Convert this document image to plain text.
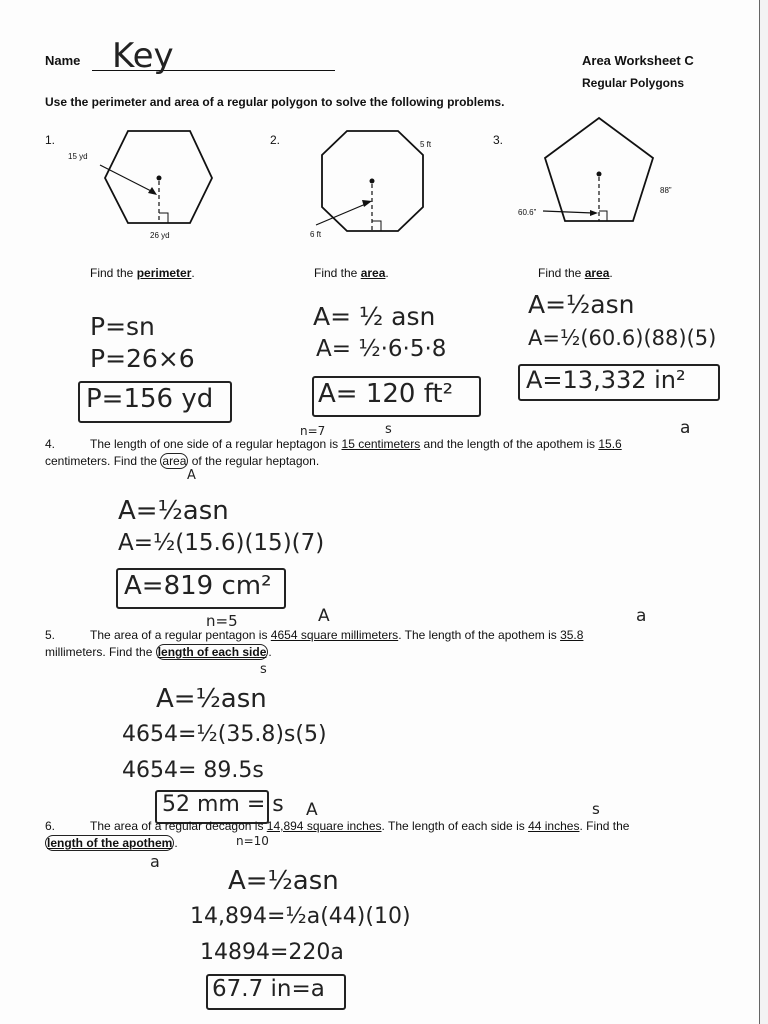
Name Key	Area Worksheet C
Regular Polygons
Use the perimeter and area of a regular polygon to solve the following problems.
1.	2.	3.
15 yd
26 yd
5 ft
6 ft
60.6”
88”
Find the perimeter.	Find the area.	Find the area.
P=sn
P=26×6
P=156 yd
A= ½ asn
A= ½·6·5·8
A= 120 ft²
A=½asn
A=½(60.6)(88)(5)
A=13,332 in²
n=7	s	a
4.	The length of one side of a regular heptagon is 15 centimeters and the length of the apothem is 15.6
centimeters. Find the area of the regular heptagon.
A
A=½asn
A=½(15.6)(15)(7)
A=819 cm²
n=5	A	a
5.	The area of a regular pentagon is 4654 square millimeters. The length of the apothem is 35.8
millimeters. Find the length of each side .
s
A=½asn
4654=½(35.8)s(5)
4654= 89.5s
52 mm = s A	s
6.	The area of a regular decagon is 14,894 square inches. The length of each side is 44 inches. Find the
length of the apothem .	n=10
a
A=½asn
14,894=½a(44)(10)
14894=220a
67.7 in=a
